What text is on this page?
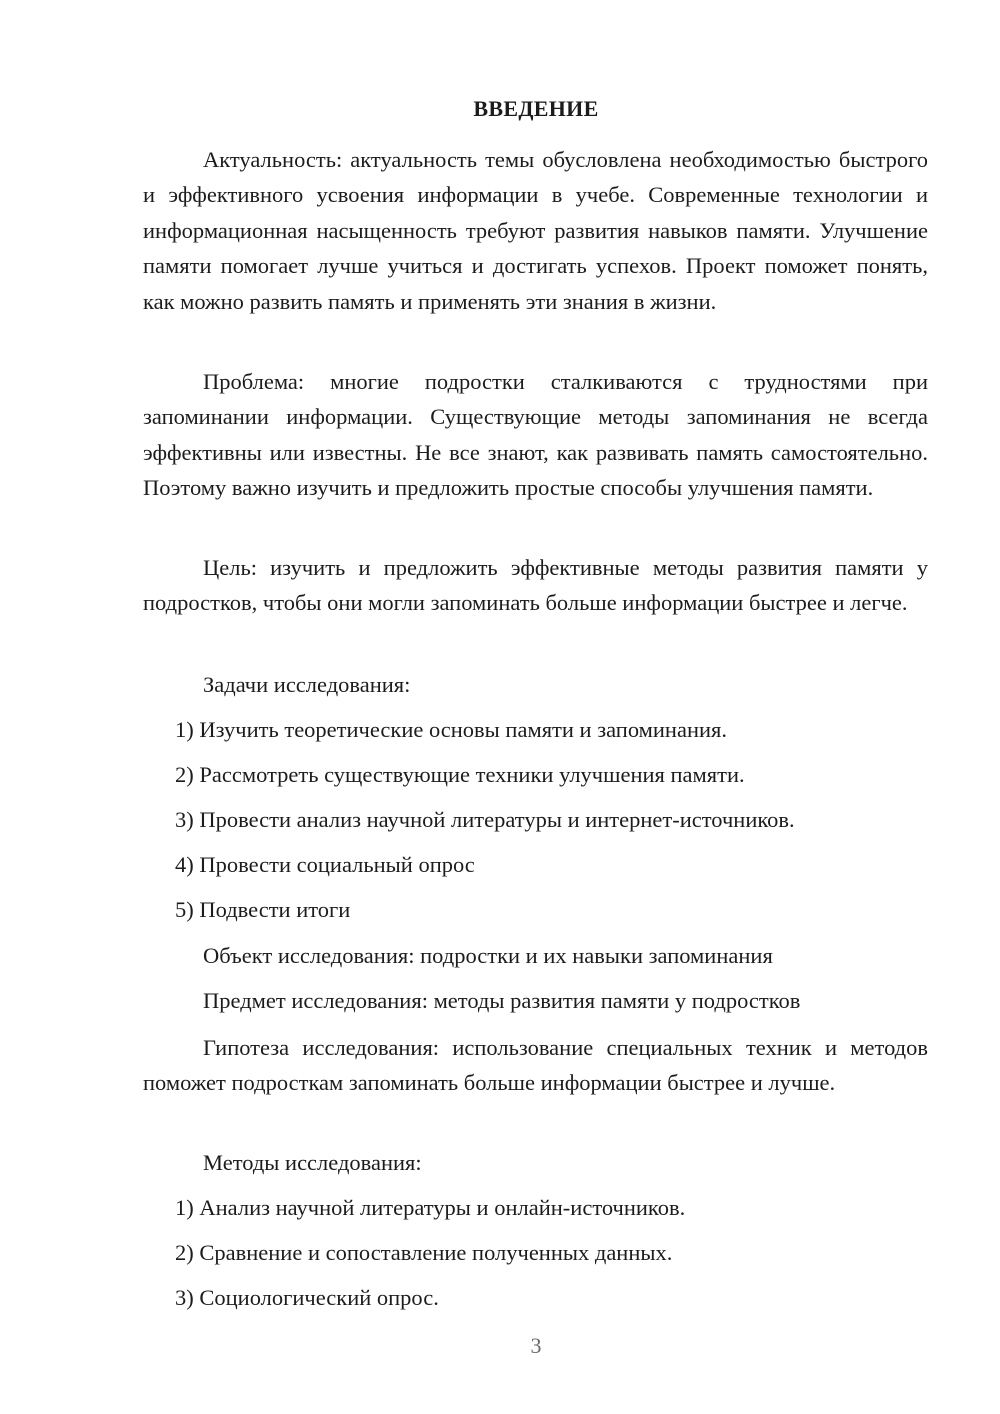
ВВЕДЕНИЕ

Актуальность: актуальность темы обусловлена необходимостью быстрого и эффективного усвоения информации в учебе. Современные технологии и информационная насыщенность требуют развития навыков памяти. Улучшение памяти помогает лучше учиться и достигать успехов. Проект поможет понять, как можно развить память и применять эти знания в жизни.

Проблема: многие подростки сталкиваются с трудностями при запоминании информации. Существующие методы запоминания не всегда эффективны или известны. Не все знают, как развивать память самостоятельно. Поэтому важно изучить и предложить простые способы улучшения памяти.

Цель: изучить и предложить эффективные методы развития памяти у подростков, чтобы они могли запоминать больше информации быстрее и легче.

Задачи исследования:

1) Изучить теоретические основы памяти и запоминания.

2) Рассмотреть существующие техники улучшения памяти.

3) Провести анализ научной литературы и интернет-источников.

4) Провести социальный опрос

5) Подвести итоги

Объект исследования: подростки и их навыки запоминания

Предмет исследования: методы развития памяти у подростков

Гипотеза исследования: использование специальных техник и методов поможет подросткам запоминать больше информации быстрее и лучше.

Методы исследования:

1) Анализ научной литературы и онлайн-источников.

2) Сравнение и сопоставление полученных данных.

3) Социологический опрос.

3
